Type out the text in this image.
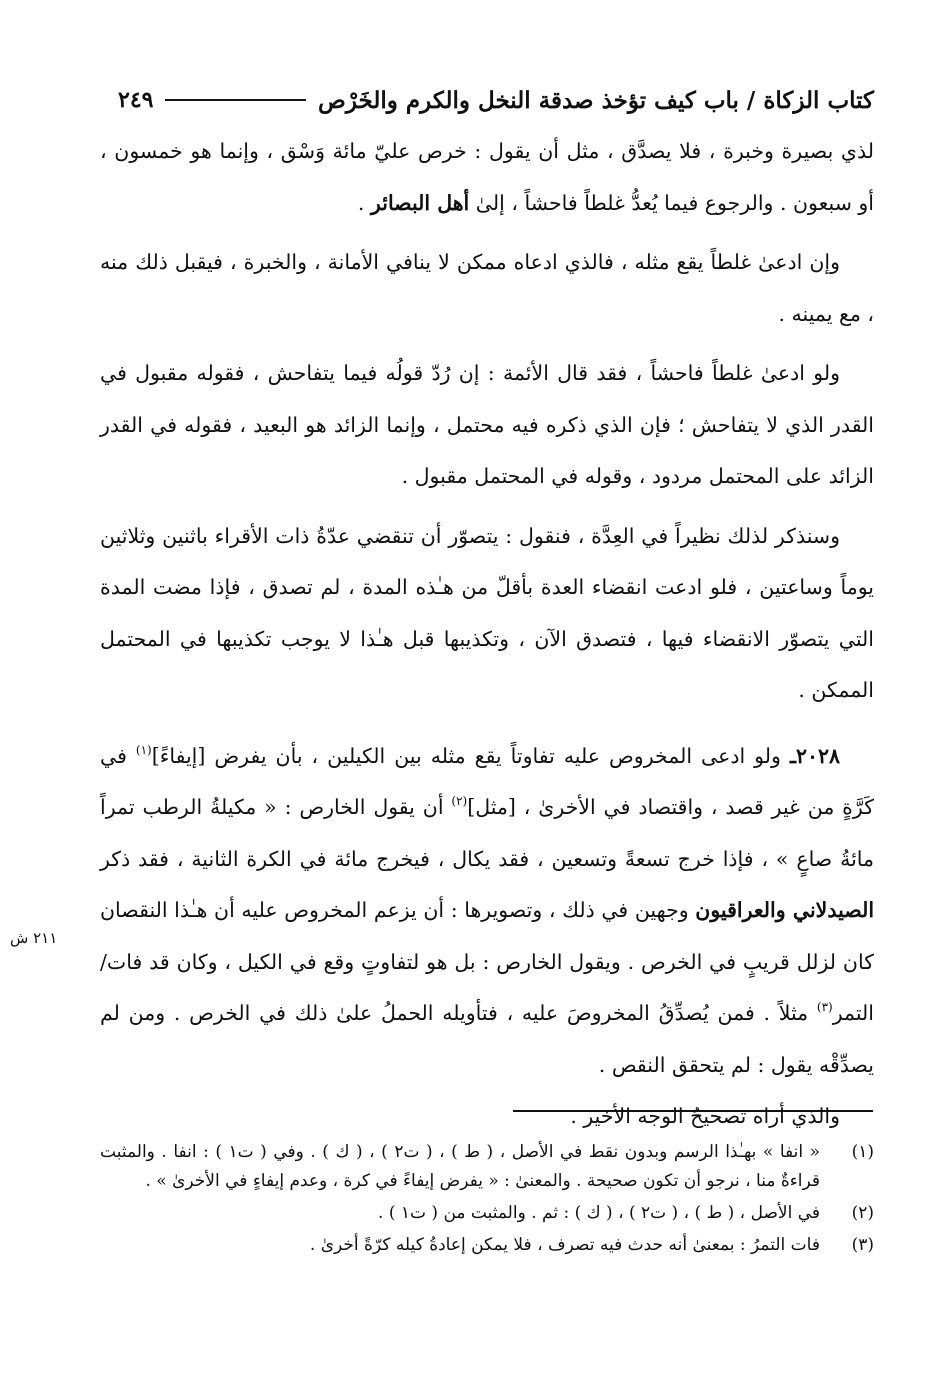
كتاب الزكاة / باب كيف تؤخذ صدقة النخل والكرم والخَرْص
٢٤٩
٢١١ ش

لذي بصيرة وخبرة ، فلا يصدَّق ، مثل أن يقول : خرص عليّ مائة وَسْق ، وإنما هو خمسون ، أو سبعون . والرجوع فيما يُعدُّ غلطاً فاحشاً ، إلىٰ أهل البصائر .

وإن ادعىٰ غلطاً يقع مثله ، فالذي ادعاه ممكن لا ينافي الأمانة ، والخبرة ، فيقبل ذلك منه ، مع يمينه .

ولو ادعىٰ غلطاً فاحشاً ، فقد قال الأئمة : إن رُدّ قولُه فيما يتفاحش ، فقوله مقبول في القدر الذي لا يتفاحش ؛ فإن الذي ذكره فيه محتمل ، وإنما الزائد هو البعيد ، فقوله في القدر الزائد على المحتمل مردود ، وقوله في المحتمل مقبول .

وسنذكر لذلك نظيراً في العِدَّة ، فنقول : يتصوّر أن تنقضي عدّةُ ذات الأقراء باثنين وثلاثين يوماً وساعتين ، فلو ادعت انقضاء العدة بأقلّ من هـٰذه المدة ، لم تصدق ، فإذا مضت المدة التي يتصوّر الانقضاء فيها ، فتصدق الآن ، وتكذيبها قبل هـٰذا لا يوجب تكذيبها في المحتمل الممكن .

٢٠٢٨ـ ولو ادعى المخروص عليه تفاوتاً يقع مثله بين الكيلين ، بأن يفرض [إيفاءً]$^{(١)}$ في كَرَّةٍ من غير قصد ، واقتصاد في الأخرىٰ ، [مثل]$^{(٢)}$ أن يقول الخارص : « مكيلةُ الرطب تمراً مائةُ صاعٍ » ، فإذا خرج تسعةً وتسعين ، فقد يكال ، فيخرج مائة في الكرة الثانية ، فقد ذكر الصيدلاني والعراقيون وجهين في ذلك ، وتصويرها : أن يزعم المخروص عليه أن هـٰذا النقصان كان لزلل قريبٍ في الخرص . ويقول الخارص : بل هو لتفاوتٍ وقع في الكيل ، وكان قد فات/ التمر$^{(٣)}$ مثلاً . فمن يُصدِّقُ المخروصَ عليه ، فتأويله الحملُ علىٰ ذلك في الخرص . ومن لم يصدِّقْه يقول : لم يتحقق النقص .

والذي أراه تصحيحُ الوجه الأخير .

(١)
« انفا » بهـٰذا الرسم وبدون نقط في الأصل ، ( ط ) ، ( ت٢ ) ، ( ك ) . وفي ( ت١ ) : انفا . والمثبت قراءةٌ منا ، نرجو أن تكون صحيحة . والمعنىٰ : « يفرض إيفاءً في كرة ، وعدم إيفاءٍ في الأخرىٰ » .
(٢)
في الأصل ، ( ط ) ، ( ت٢ ) ، ( ك ) : ثم . والمثبت من ( ت١ ) .
(٣)
فات التمرُ : بمعنىٰ أنه حدث فيه تصرف ، فلا يمكن إعادةُ كيله كرّةً أخرىٰ .
